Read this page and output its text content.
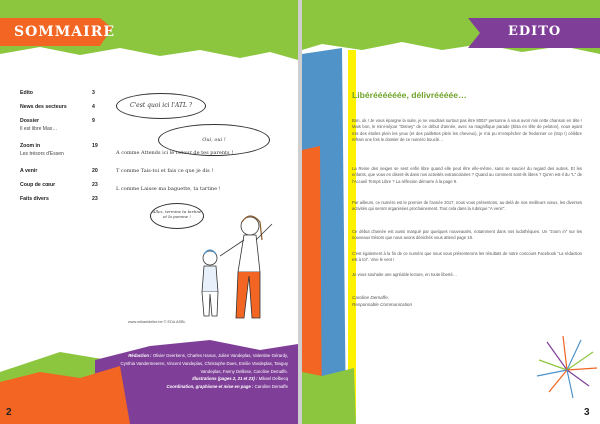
SOMMAIRE
Edito	3
News des secteurs	4
Dossier	9
Il est libre Max…
Zoom in	19
Les trésors d'Essen
A venir	20
Coup de cœur	23
Faits divers	23
C'est quoi ici l'ATL ?
Oui, oui !
A comme Attends ici le retour de tes parents !
T comme Tais-toi et fais ce que je dis !
L comme Laisse ma baguette, ta tartine !
Allez, termine ta tartine et la pomme !
www.mikaeldelbe.be © EDA ASBL
Rédaction : Olivier Geerkens, Charles Hanus, Julien Vandeplas, Valentine Gérardy, Cynthia Vandermeeren, Vincent Vandeplas, Christophe Dues, Emilie Vandeplas, Tanguy Vandeplas, Fanny Dellisse, Caroline Demaffe.
Illustrations (pages 2, 21 et 23) : Mikael Delbecq
Coordination, graphisme et mise en page : Caroline Demaffe
2
EDITO
Libéréééééée, délivréééée…

Bon, ok ! Je vous épargne la suite, je ne voudrais surtout pas être 8002* personne à vous avoir mis cette chanson en tête ! Mais bon, le mini-séjour "Disney" de ce début d'année, avec sa magnifique parade (Elsa en tête de peloton), nous ayant mis des étoiles plein les yeux (et des paillettes plein les cheveux), je n'ai pu m'empêcher de fredonner ce (trop !) célèbre refrain une fois le dossier de ce numéro bouclé…

La Reine des neiges se sent enfin libre quand elle peut être elle-même, sans se soucier du regard des autres. Et les enfants, que vous en disent-ils dans nos activités extrascolaires ? Quand au comment sont-ils libres ? Qu'en est-il du "L" de l'Accueil Temps Libre ? La réflexion démarre à la page 9.

Par ailleurs, ce numéro est le premier de l'année 2017, nous vous présentons, au-delà de nos meilleurs vœux, les diverses activités qui seront organisées prochainement. Tout cela dans la rubrique "A venir".

Ce début d'année est aussi marqué par quelques nouveautés, notamment dans nos ludothèques. Un "zoom in" sur les nouveaux trésors que nous avons dénichés vous attend page 19.

C'est également à la fin de ce numéro que nous vous présenterons les résultats de notre concours Facebook "La rédaction est à toi". Vive le vent !

Je vous souhaite une agréable lecture, en toute liberté…

Caroline Demaffe,
Responsable Communication
3
